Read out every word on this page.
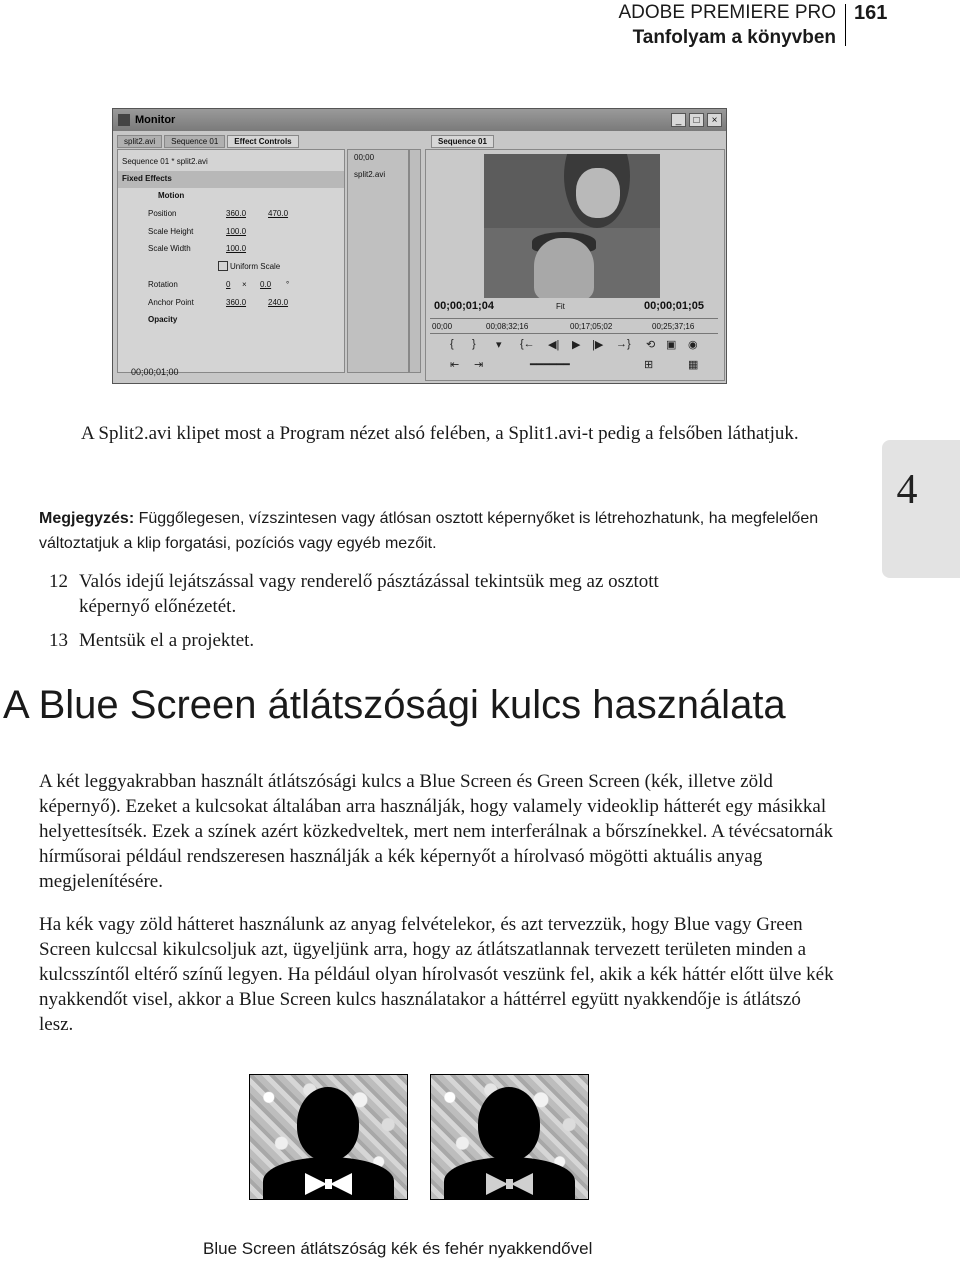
ADOBE PREMIERE PRO
Tanfolyam a könyvben
161
4
Monitor	_	□	×
split2.avi	Sequence 01	Effect Controls	Sequence 01
Sequence 01 * split2.avi
Fixed Effects
Motion
Position	360.0	470.0
Scale Height	100.0
Scale Width	100.0
Uniform Scale
Rotation	0 × 0.0 °
Anchor Point	360.0	240.0
Opacity
00;00
split2.avi
00;00;01;00
00;00;01;04	Fit	00;00;01;05
00;00	00;08;32;16	00;17;05;02	00;25;37;16
{ } ▾ {← ◀| ▶ |▶ →} ⟲ ▣ ◉
⇤ ⇥	━━━━━━	⊞	▦
A Split2.avi klipet most a Program nézet alsó felében, a Split1.avi-t pedig a felsőben láthatjuk.
Megjegyzés: Függőlegesen, vízszintesen vagy átlósan osztott képernyőket is létrehozhatunk, ha megfelelően változtatjuk a klip forgatási, pozíciós vagy egyéb mezőit.
12 Valós idejű lejátszással vagy renderelő pásztázással tekintsük meg az osztott
képernyő előnézetét.
13 Mentsük el a projektet.
A Blue Screen átlátszósági kulcs használata
A két leggyakrabban használt átlátszósági kulcs a Blue Screen és Green Screen (kék, illetve zöld képernyő). Ezeket a kulcsokat általában arra használják, hogy valamely videoklip hátterét egy másikkal helyettesítsék. Ezek a színek azért közkedveltek, mert nem interferálnak a bőrszínekkel. A tévécsatornák hírműsorai például rendszeresen használják a kék képernyőt a hírolvasó mögötti aktuális anyag megjelenítésére.
Ha kék vagy zöld hátteret használunk az anyag felvételekor, és azt tervezzük, hogy Blue vagy Green Screen kulccsal kikulcsoljuk azt, ügyeljünk arra, hogy az átlátszatlannak tervezett területen minden a kulcsszíntől eltérő színű legyen. Ha például olyan hírolvasót veszünk fel, akik a kék háttér előtt ülve kék nyakkendőt visel, akkor a Blue Screen kulcs használatakor a háttérrel együtt nyakkendője is átlátszó lesz.
Blue Screen átlátszóság kék és fehér nyakkendővel
